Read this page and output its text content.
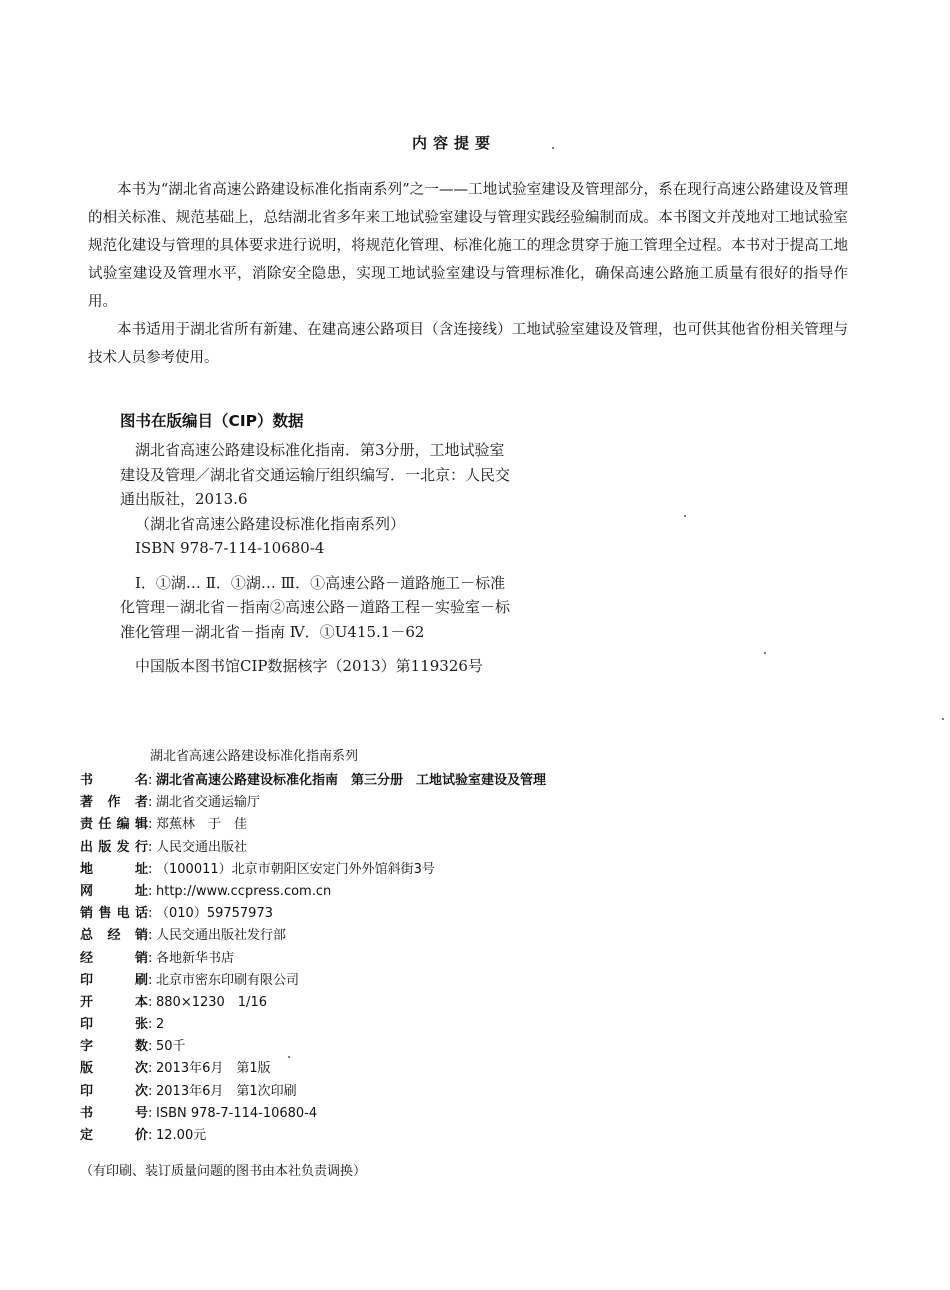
内容提要

本书为“湖北省高速公路建设标准化指南系列”之一——工地试验室建设及管理部分，系在现行高速公路建设及管理的相关标准、规范基础上，总结湖北省多年来工地试验室建设与管理实践经验编制而成。本书图文并茂地对工地试验室规范化建设与管理的具体要求进行说明，将规范化管理、标准化施工的理念贯穿于施工管理全过程。本书对于提高工地试验室建设及管理水平，消除安全隐患，实现工地试验室建设与管理标准化，确保高速公路施工质量有很好的指导作用。

本书适用于湖北省所有新建、在建高速公路项目（含连接线）工地试验室建设及管理，也可供其他省份相关管理与技术人员参考使用。

图书在版编目（CIP）数据

湖北省高速公路建设标准化指南．第3分册，工地试验室建设及管理／湖北省交通运输厅组织编写．一北京：人民交通出版社，2013.6

（湖北省高速公路建设标准化指南系列）

ISBN 978-7-114-10680-4

Ⅰ．①湖… Ⅱ．①湖… Ⅲ．①高速公路－道路施工－标准化管理－湖北省－指南②高速公路－道路工程－实验室－标准化管理－湖北省－指南 Ⅳ．①U415.1－62

中国版本图书馆CIP数据核字（2013）第119326号
湖北省高速公路建设标准化指南系列
书名 : 湖北省高速公路建设标准化指南　第三分册　工地试验室建设及管理
著作者 : 湖北省交通运输厅
责任编辑 : 郑蕉林　于　佳
出版发行 : 人民交通出版社
地址 : （100011）北京市朝阳区安定门外外馆斜街3号
网址 : http://www.ccpress.com.cn
销售电话 : （010）59757973
总经销 : 人民交通出版社发行部
经销 : 各地新华书店
印刷 : 北京市密东印刷有限公司
开本 : 880×1230　1/16
印张 : 2
字数 : 50千
版次 : 2013年6月　第1版
印次 : 2013年6月　第1次印刷
书号 : ISBN 978-7-114-10680-4
定价 : 12.00元
（有印刷、装订质量问题的图书由本社负责调换）
